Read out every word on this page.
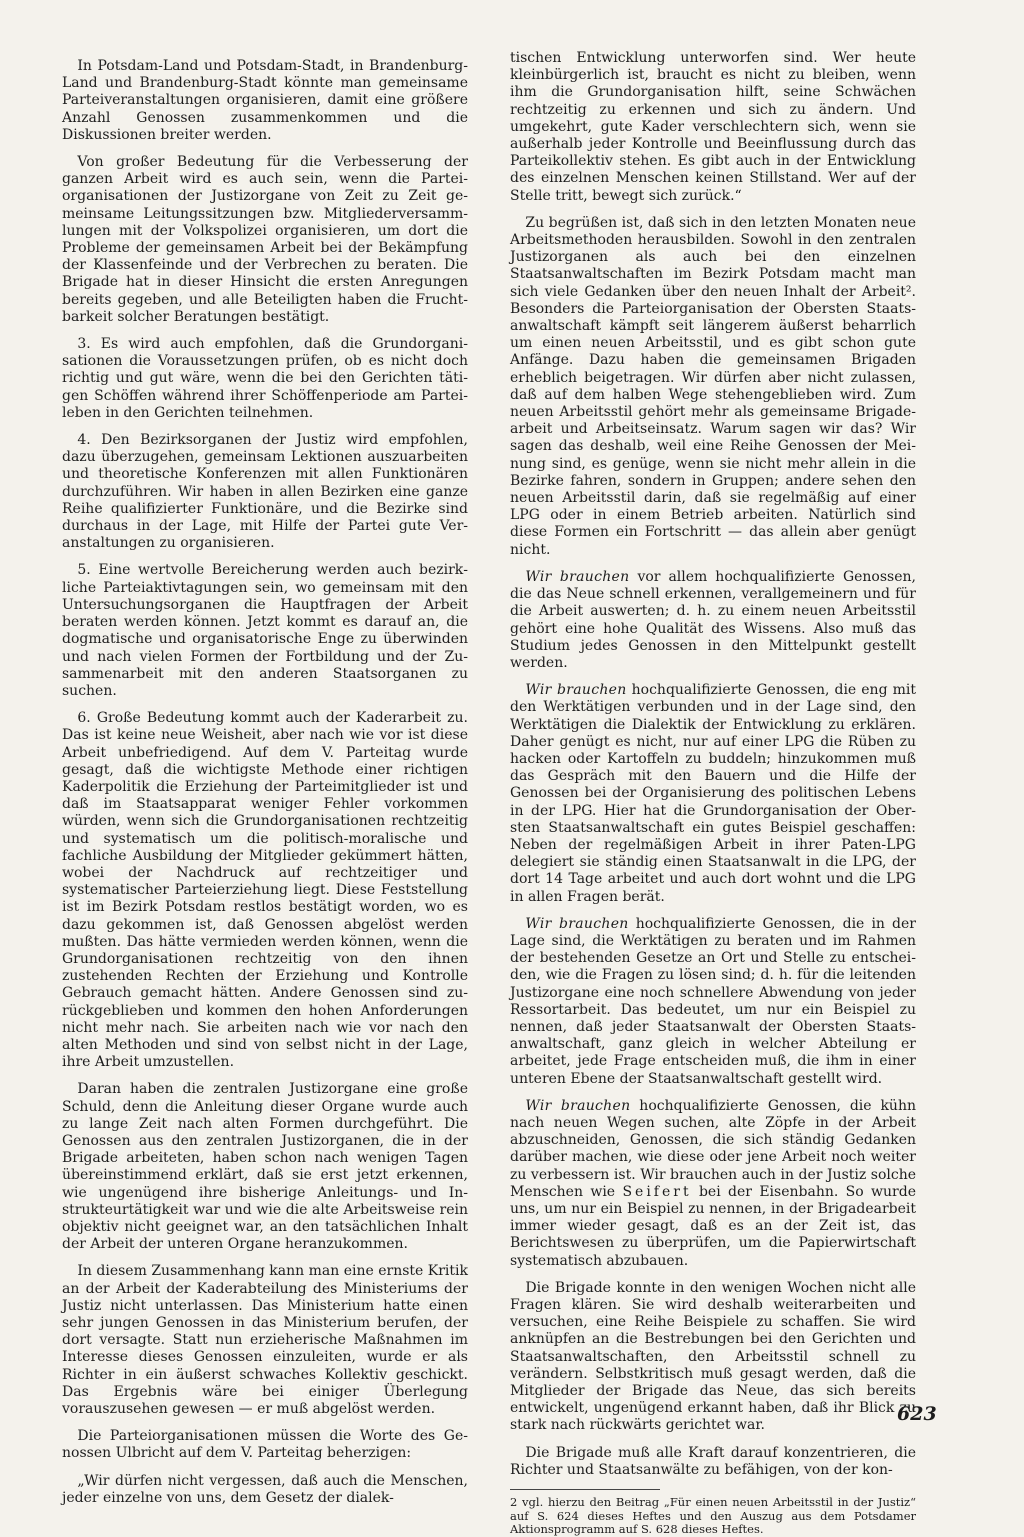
In Potsdam-Land und Potsdam-Stadt, in Brandenburg-Land und Brandenburg-Stadt könnte man gemeinsame Parteiveranstaltungen organisieren, damit eine größere Anzahl Genossen zusammenkommen und die Diskussionen breiter werden.

Von großer Bedeutung für die Verbesserung der ganzen Arbeit wird es auch sein, wenn die Parteiorganisationen der Justizorgane von Zeit zu Zeit gemeinsame Leitungssitzungen bzw. Mitgliederversammlungen mit der Volkspolizei organisieren, um dort die Probleme der gemeinsamen Arbeit bei der Bekämpfung der Klassenfeinde und der Verbrechen zu beraten. Die Brigade hat in dieser Hinsicht die ersten Anregungen bereits gegeben, und alle Beteiligten haben die Fruchtbarkeit solcher Beratungen bestätigt.

3. Es wird auch empfohlen, daß die Grundorganisationen die Voraussetzungen prüfen, ob es nicht doch richtig und gut wäre, wenn die bei den Gerichten tätigen Schöffen während ihrer Schöffenperiode am Parteileben in den Gerichten teilnehmen.

4. Den Bezirksorganen der Justiz wird empfohlen, dazu überzugehen, gemeinsam Lektionen auszuarbeiten und theoretische Konferenzen mit allen Funktionären durchzuführen. Wir haben in allen Bezirken eine ganze Reihe qualifizierter Funktionäre, und die Bezirke sind durchaus in der Lage, mit Hilfe der Partei gute Veranstaltungen zu organisieren.

5. Eine wertvolle Bereicherung werden auch bezirkliche Parteiaktivtagungen sein, wo gemeinsam mit den Untersuchungsorganen die Hauptfragen der Arbeit beraten werden können. Jetzt kommt es darauf an, die dogmatische und organisatorische Enge zu überwinden und nach vielen Formen der Fortbildung und der Zusammenarbeit mit den anderen Staatsorganen zu suchen.

6. Große Bedeutung kommt auch der Kaderarbeit zu. Das ist keine neue Weisheit, aber nach wie vor ist diese Arbeit unbefriedigend. Auf dem V. Parteitag wurde gesagt, daß die wichtigste Methode einer richtigen Kaderpolitik die Erziehung der Parteimitglieder ist und daß im Staatsapparat weniger Fehler vorkommen würden, wenn sich die Grundorganisationen rechtzeitig und systematisch um die politisch-moralische und fachliche Ausbildung der Mitglieder gekümmert hätten, wobei der Nachdruck auf rechtzeitiger und systematischer Parteierziehung liegt. Diese Feststellung ist im Bezirk Potsdam restlos bestätigt worden, wo es dazu gekommen ist, daß Genossen abgelöst werden mußten. Das hätte vermieden werden können, wenn die Grundorganisationen rechtzeitig von den ihnen zustehenden Rechten der Erziehung und Kontrolle Gebrauch gemacht hätten. Andere Genossen sind zurückgeblieben und kommen den hohen Anforderungen nicht mehr nach. Sie arbeiten nach wie vor nach den alten Methoden und sind von selbst nicht in der Lage, ihre Arbeit umzustellen.

Daran haben die zentralen Justizorgane eine große Schuld, denn die Anleitung dieser Organe wurde auch zu lange Zeit nach alten Formen durchgeführt. Die Genossen aus den zentralen Justizorganen, die in der Brigade arbeiteten, haben schon nach wenigen Tagen übereinstimmend erklärt, daß sie erst jetzt erkennen, wie ungenügend ihre bisherige Anleitungs- und Instrukteurtätigkeit war und wie die alte Arbeitsweise rein objektiv nicht geeignet war, an den tatsächlichen Inhalt der Arbeit der unteren Organe heranzukommen.

In diesem Zusammenhang kann man eine ernste Kritik an der Arbeit der Kaderabteilung des Ministeriums der Justiz nicht unterlassen. Das Ministerium hatte einen sehr jungen Genossen in das Ministerium berufen, der dort versagte. Statt nun erzieherische Maßnahmen im Interesse dieses Genossen einzuleiten, wurde er als Richter in ein äußerst schwaches Kollektiv geschickt. Das Ergebnis wäre bei einiger Überlegung vorauszusehen gewesen — er muß abgelöst werden.

Die Parteiorganisationen müssen die Worte des Genossen Ulbricht auf dem V. Parteitag beherzigen:

„Wir dürfen nicht vergessen, daß auch die Menschen, jeder einzelne von uns, dem Gesetz der dialek-

tischen Entwicklung unterworfen sind. Wer heute kleinbürgerlich ist, braucht es nicht zu bleiben, wenn ihm die Grundorganisation hilft, seine Schwächen rechtzeitig zu erkennen und sich zu ändern. Und umgekehrt, gute Kader verschlechtern sich, wenn sie außerhalb jeder Kontrolle und Beeinflussung durch das Parteikollektiv stehen. Es gibt auch in der Entwicklung des einzelnen Menschen keinen Stillstand. Wer auf der Stelle tritt, bewegt sich zurück.“

Zu begrüßen ist, daß sich in den letzten Monaten neue Arbeitsmethoden herausbilden. Sowohl in den zentralen Justizorganen als auch bei den einzelnen Staatsanwaltschaften im Bezirk Potsdam macht man sich viele Gedanken über den neuen Inhalt der Arbeit². Besonders die Parteiorganisation der Obersten Staatsanwaltschaft kämpft seit längerem äußerst beharrlich um einen neuen Arbeitsstil, und es gibt schon gute Anfänge. Dazu haben die gemeinsamen Brigaden erheblich beigetragen. Wir dürfen aber nicht zulassen, daß auf dem halben Wege stehengeblieben wird. Zum neuen Arbeitsstil gehört mehr als gemeinsame Brigadearbeit und Arbeitseinsatz. Warum sagen wir das? Wir sagen das deshalb, weil eine Reihe Genossen der Meinung sind, es genüge, wenn sie nicht mehr allein in die Bezirke fahren, sondern in Gruppen; andere sehen den neuen Arbeitsstil darin, daß sie regelmäßig auf einer LPG oder in einem Betrieb arbeiten. Natürlich sind diese Formen ein Fortschritt — das allein aber genügt nicht.

Wir brauchen vor allem hochqualifizierte Genossen, die das Neue schnell erkennen, verallgemeinern und für die Arbeit auswerten; d. h. zu einem neuen Arbeitsstil gehört eine hohe Qualität des Wissens. Also muß das Studium jedes Genossen in den Mittelpunkt gestellt werden.

Wir brauchen hochqualifizierte Genossen, die eng mit den Werktätigen verbunden und in der Lage sind, den Werktätigen die Dialektik der Entwicklung zu erklären. Daher genügt es nicht, nur auf einer LPG die Rüben zu hacken oder Kartoffeln zu buddeln; hinzukommen muß das Gespräch mit den Bauern und die Hilfe der Genossen bei der Organisierung des politischen Lebens in der LPG. Hier hat die Grundorganisation der Obersten Staatsanwaltschaft ein gutes Beispiel geschaffen: Neben der regelmäßigen Arbeit in ihrer Paten-LPG delegiert sie ständig einen Staatsanwalt in die LPG, der dort 14 Tage arbeitet und auch dort wohnt und die LPG in allen Fragen berät.

Wir brauchen hochqualifizierte Genossen, die in der Lage sind, die Werktätigen zu beraten und im Rahmen der bestehenden Gesetze an Ort und Stelle zu entscheiden, wie die Fragen zu lösen sind; d. h. für die leitenden Justizorgane eine noch schnellere Abwendung von jeder Ressortarbeit. Das bedeutet, um nur ein Beispiel zu nennen, daß jeder Staatsanwalt der Obersten Staatsanwaltschaft, ganz gleich in welcher Abteilung er arbeitet, jede Frage entscheiden muß, die ihm in einer unteren Ebene der Staatsanwaltschaft gestellt wird.

Wir brauchen hochqualifizierte Genossen, die kühn nach neuen Wegen suchen, alte Zöpfe in der Arbeit abzuschneiden, Genossen, die sich ständig Gedanken darüber machen, wie diese oder jene Arbeit noch weiter zu verbessern ist. Wir brauchen auch in der Justiz solche Menschen wie Seifert bei der Eisenbahn. So wurde uns, um nur ein Beispiel zu nennen, in der Brigadearbeit immer wieder gesagt, daß es an der Zeit ist, das Berichtswesen zu überprüfen, um die Papierwirtschaft systematisch abzubauen.

Die Brigade konnte in den wenigen Wochen nicht alle Fragen klären. Sie wird deshalb weiterarbeiten und versuchen, eine Reihe Beispiele zu schaffen. Sie wird anknüpfen an die Bestrebungen bei den Gerichten und Staatsanwaltschaften, den Arbeitsstil schnell zu verändern. Selbstkritisch muß gesagt werden, daß die Mitglieder der Brigade das Neue, das sich bereits entwickelt, ungenügend erkannt haben, daß ihr Blick zu stark nach rückwärts gerichtet war.

Die Brigade muß alle Kraft darauf konzentrieren, die Richter und Staatsanwälte zu befähigen, von der kon-

2 vgl. hierzu den Beitrag „Für einen neuen Arbeitsstil in der Justiz“ auf S. 624 dieses Heftes und den Auszug aus dem Potsdamer Aktionsprogramm auf S. 628 dieses Heftes.

623
